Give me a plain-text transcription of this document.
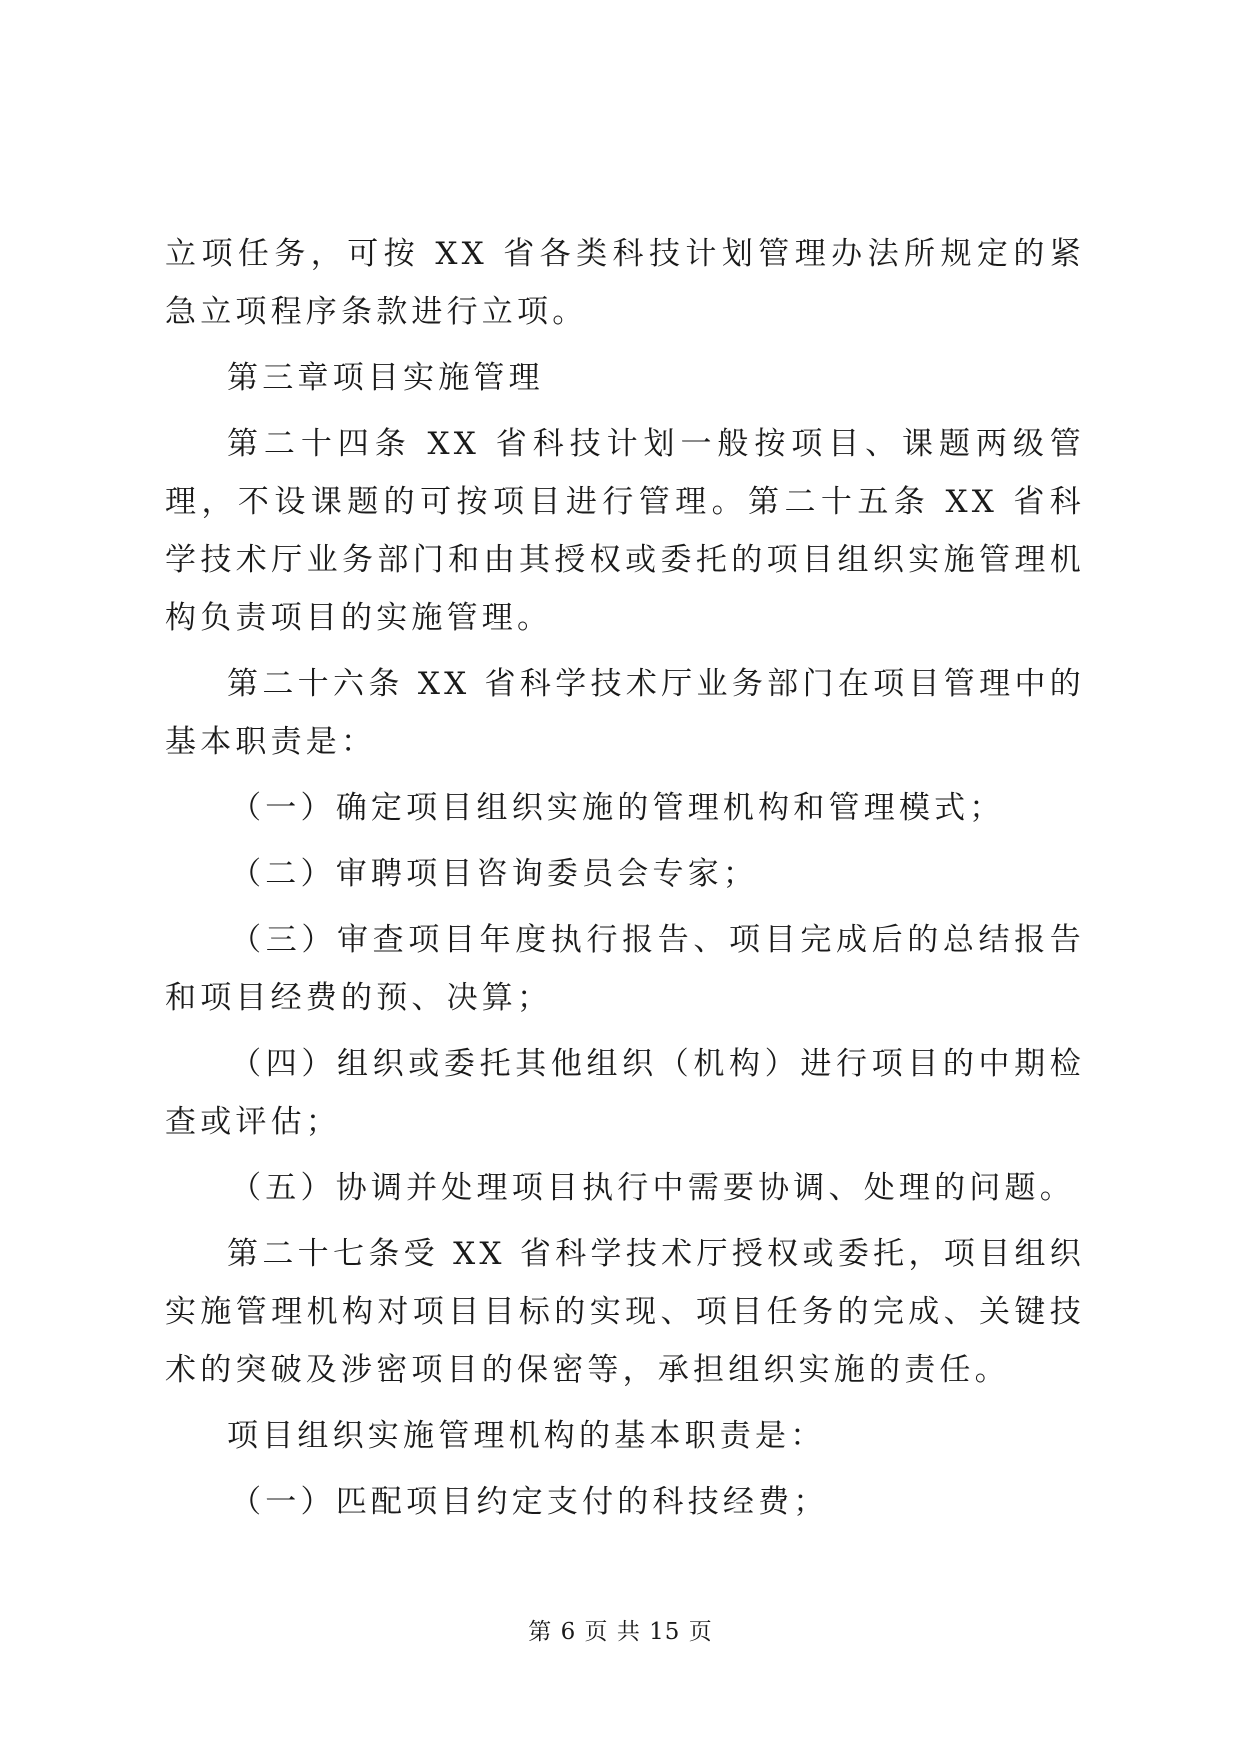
立项任务，可按 XX 省各类科技计划管理办法所规定的紧急立项程序条款进行立项。

第三章项目实施管理

第二十四条 XX 省科技计划一般按项目、课题两级管理，不设课题的可按项目进行管理。第二十五条 XX 省科学技术厅业务部门和由其授权或委托的项目组织实施管理机构负责项目的实施管理。

第二十六条 XX 省科学技术厅业务部门在项目管理中的基本职责是：

（一）确定项目组织实施的管理机构和管理模式；

（二）审聘项目咨询委员会专家；

（三）审查项目年度执行报告、项目完成后的总结报告和项目经费的预、决算；

（四）组织或委托其他组织（机构）进行项目的中期检查或评估；

（五）协调并处理项目执行中需要协调、处理的问题。

第二十七条受 XX 省科学技术厅授权或委托，项目组织实施管理机构对项目目标的实现、项目任务的完成、关键技术的突破及涉密项目的保密等，承担组织实施的责任。

项目组织实施管理机构的基本职责是：

（一）匹配项目约定支付的科技经费；

第 6 页 共 15 页
